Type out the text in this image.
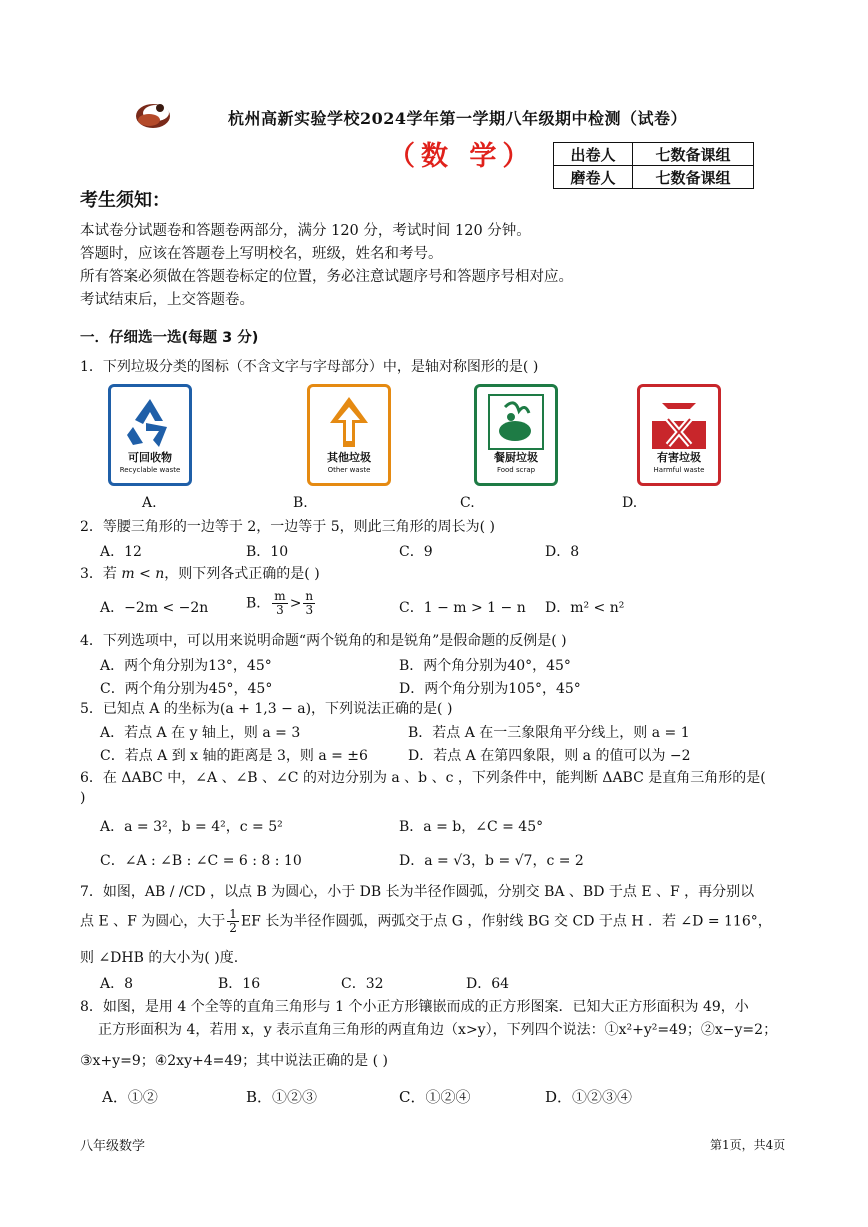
杭州高新实验学校2024学年第一学期八年级期中检测（试卷）
（数 学） 出卷人	七数备课组
磨卷人	七数备课组
考生须知：
本试卷分试题卷和答题卷两部分，满分 120 分，考试时间 120 分钟。
答题时，应该在答题卷上写明校名，班级，姓名和考号。
所有答案必须做在答题卷标定的位置，务必注意试题序号和答题序号相对应。
考试结束后，上交答题卷。
一．仔细选一选(每题 3 分)
1．下列垃圾分类的图标（不含文字与字母部分）中，是轴对称图形的是( )
可回收物
Recyclable waste
其他垃圾
Other waste
餐厨垃圾
Food scrap
有害垃圾
Harmful waste
A.	B.	C.	D.
2．等腰三角形的一边等于 2，一边等于 5，则此三角形的周长为( )
A．12	B．10	C．9	D．8
3．若 m < n，则下列各式正确的是( )
A．−2m < −2n	B． $\frac{m}{3} > \frac{n}{3}$	C．1 − m > 1 − n D．m² < n²
4．下列选项中，可以用来说明命题“两个锐角的和是锐角”是假命题的反例是( )
A．两个角分别为13°，45°	B．两个角分别为40°，45°
C．两个角分别为45°，45°	D．两个角分别为105°，45°
5．已知点 A 的坐标为(a + 1,3 − a)，下列说法正确的是( )
A．若点 A 在 y 轴上，则 a = 3	B．若点 A 在一三象限角平分线上，则 a = 1
C．若点 A 到 x 轴的距离是 3，则 a = ±6	D．若点 A 在第四象限，则 a 的值可以为 −2
6．在 ΔABC 中，∠A 、∠B 、∠C 的对边分别为 a 、b 、c ，下列条件中，能判断 ΔABC 是直角三角形的是(
)
A．a = 3²，b = 4²，c = 5²	B．a = b，∠C = 45°
C．∠A : ∠B : ∠C = 6 : 8 : 10	D．a = √3，b = √7，c = 2
7．如图，AB / /CD ，以点 B 为圆心，小于 DB 长为半径作圆弧，分别交 BA 、BD 于点 E 、F ，再分别以
点 E 、F 为圆心，大于 $\frac{1}{2}$ EF 长为半径作圆弧，两弧交于点 G ，作射线 BG 交 CD 于点 H ．若 ∠D = 116°，
则 ∠DHB 的大小为( )度.
A．8	B．16	C．32	D．64
8．如图，是用 4 个全等的直角三角形与 1 个小正方形镶嵌而成的正方形图案．已知大正方形面积为 49，小
正方形面积为 4，若用 x，y 表示直角三角形的两直角边（x>y），下列四个说法：①x²+y²=49；②x−y=2；
③x+y=9；④2xy+4=49；其中说法正确的是 ( )
A．①②	B．①②③	C．①②④	D．①②③④
八年级数学	第1页，共4页
